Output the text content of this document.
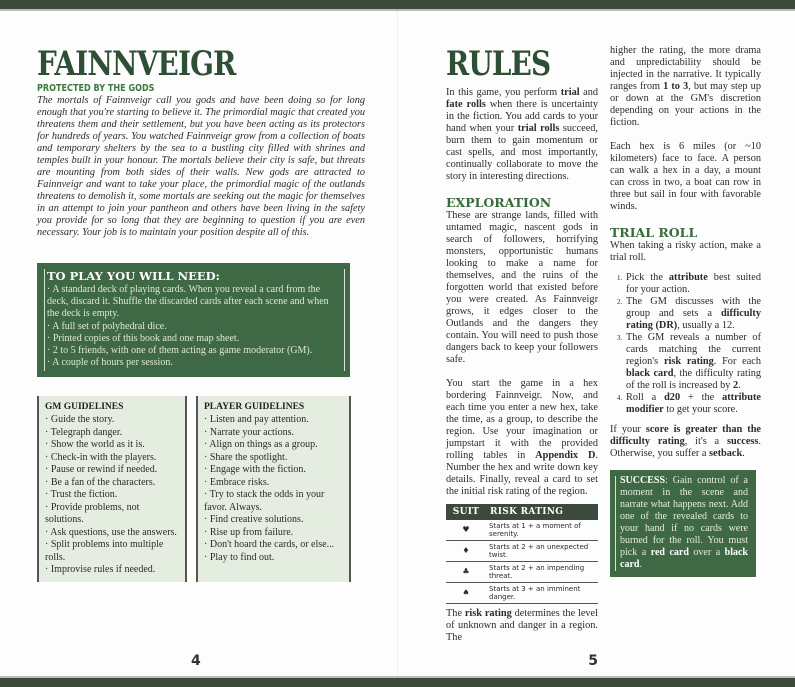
FAINNVEIGR
PROTECTED BY THE GODS
The mortals of Fainnveigr call you gods and have been doing so for long enough that you're starting to believe it. The primordial magic that created you threatens them and their settlement, but you have been acting as its protectors for hundreds of years. You watched Fainnveigr grow from a collection of boats and temporary shelters by the sea to a bustling city filled with shrines and temples built in your honour. The mortals believe their city is safe, but threats are mounting from both sides of their walls. New gods are attracted to Fainnveigr and want to take your place, the primordial magic of the outlands threatens to demolish it, some mortals are seeking out the magic for themselves in an attempt to join your pantheon and others have been living in the safety you provide for so long that they are beginning to question if you are even necessary. Your job is to maintain your position despite all of this.
TO PLAY YOU WILL NEED:
· A standard deck of playing cards. When you reveal a card from the deck, discard it. Shuffle the discarded cards after each scene and when the deck is empty.
· A full set of polyhedral dice.
· Printed copies of this book and one map sheet.
· 2 to 5 friends, with one of them acting as game moderator (GM).
· A couple of hours per session.
GM GUIDELINES
· Guide the story.
· Telegraph danger.
· Show the world as it is.
· Check-in with the players.
· Pause or rewind if needed.
· Be a fan of the characters.
· Trust the fiction.
· Provide problems, not solutions.
· Ask questions, use the answers.
· Split problems into multiple rolls.
· Improvise rules if needed.
PLAYER GUIDELINES
· Listen and pay attention.
· Narrate your actions.
· Align on things as a group.
· Share the spotlight.
· Engage with the fiction.
· Embrace risks.
· Try to stack the odds in your favor. Always.
· Find creative solutions.
· Rise up from failure.
· Don't hoard the cards, or else...
· Play to find out.
4
RULES

In this game, you perform trial and fate rolls when there is uncertainty in the fiction. You add cards to your hand when your trial rolls succeed, burn them to gain momentum or cast spells, and most importantly, continually collaborate to move the story in interesting directions.

EXPLORATION

These are strange lands, filled with untamed magic, nascent gods in search of followers, horrifying monsters, opportunistic humans looking to make a name for themselves, and the ruins of the forgotten world that existed before you were created. As Fainnveigr grows, it edges closer to the Outlands and the dangers they contain. You will need to push those dangers back to keep your followers safe.

You start the game in a hex bordering Fainnveigr. Now, and each time you enter a new hex, take the time, as a group, to describe the region. Use your imagination or jumpstart it with the provided rolling tables in Appendix D. Number the hex and write down key details. Finally, reveal a card to set the initial risk rating of the region.

SUIT	RISK RATING
♥	Starts at 1 + a moment of serenity.
♦	Starts at 2 + an unexpected twist.
♣	Starts at 2 + an impending threat.
♠	Starts at 3 + an imminent danger.
The risk rating determines the level of unknown and danger in a region. The
5

higher the rating, the more drama and unpredictability should be injected in the narrative. It typically ranges from 1 to 3, but may step up or down at the GM's discretion depending on your actions in the fiction.

Each hex is 6 miles (or ~10 kilometers) face to face. A person can walk a hex in a day, a mount can cross in two, a boat can row in three but sail in four with favorable winds.

TRIAL ROLL

When taking a risky action, make a trial roll.

1. Pick the attribute best suited for your action.
2. The GM discusses with the group and sets a difficulty rating (DR), usually a 12.
3. The GM reveals a number of cards matching the current region's risk rating. For each black card, the difficulty rating of the roll is increased by 2.
4. Roll a d20 + the attribute modifier to get your score.

If your score is greater than the difficulty rating, it's a success. Otherwise, you suffer a setback.

SUCCESS: Gain control of a moment in the scene and narrate what happens next. Add one of the revealed cards to your hand if no cards were burned for the roll. You must pick a red card over a black card.
